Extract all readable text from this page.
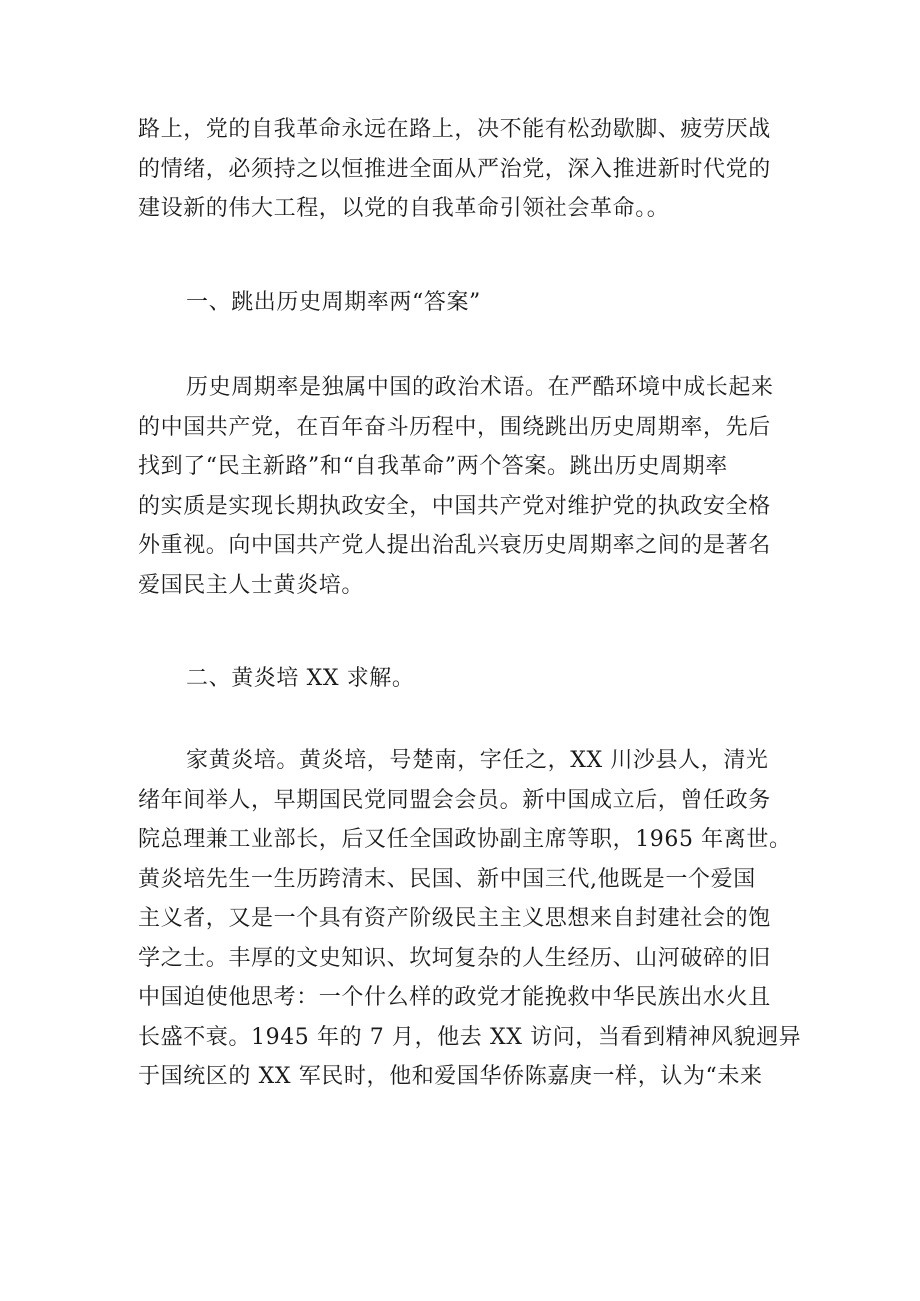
路上，党的自我革命永远在路上，决不能有松劲歇脚、疲劳厌战
的情绪，必须持之以恒推进全面从严治党，深入推进新时代党的
建设新的伟大工程，以党的自我革命引领社会革命。。
一、跳出历史周期率两“答案”
历史周期率是独属中国的政治术语。在严酷环境中成长起来
的中国共产党，在百年奋斗历程中，围绕跳出历史周期率，先后
找到了“民主新路”和“自我革命”两个答案。跳出历史周期率
的实质是实现长期执政安全，中国共产党对维护党的执政安全格
外重视。向中国共产党人提出治乱兴衰历史周期率之间的是著名
爱国民主人士黄炎培。
二、黄炎培 XX 求解。
家黄炎培。黄炎培，号楚南，字任之，XX 川沙县人，清光
绪年间举人，早期国民党同盟会会员。新中国成立后，曾任政务
院总理兼工业部长，后又任全国政协副主席等职，1965 年离世。
黄炎培先生一生历跨清末、民国、新中国三代,他既是一个爱国
主义者，又是一个具有资产阶级民主主义思想来自封建社会的饱
学之士。丰厚的文史知识、坎坷复杂的人生经历、山河破碎的旧
中国迫使他思考：一个什么样的政党才能挽救中华民族出水火且
长盛不衰。1945 年的 7 月，他去 XX 访问，当看到精神风貌迥异
于国统区的 XX 军民时，他和爱国华侨陈嘉庚一样，认为“未来
